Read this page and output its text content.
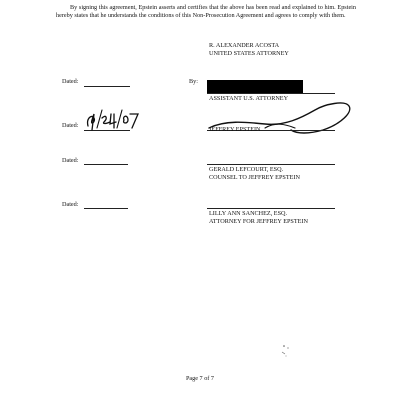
By signing this agreement, Epstein asserts and certifies that the above has been read and explained to him. Epstein hereby states that he understands the conditions of this Non-Prosecution Agreement and agrees to comply with them.
R. ALEXANDER ACOSTA
UNITED STATES ATTORNEY
Dated:	By:
ASSISTANT U.S. ATTORNEY
Dated:
JEFFREY EPSTEIN
Dated:
GERALD LEFCOURT, ESQ.
COUNSEL TO JEFFREY EPSTEIN
Dated:
LILLY ANN SANCHEZ, ESQ.
ATTORNEY FOR JEFFREY EPSTEIN
Page 7 of 7
